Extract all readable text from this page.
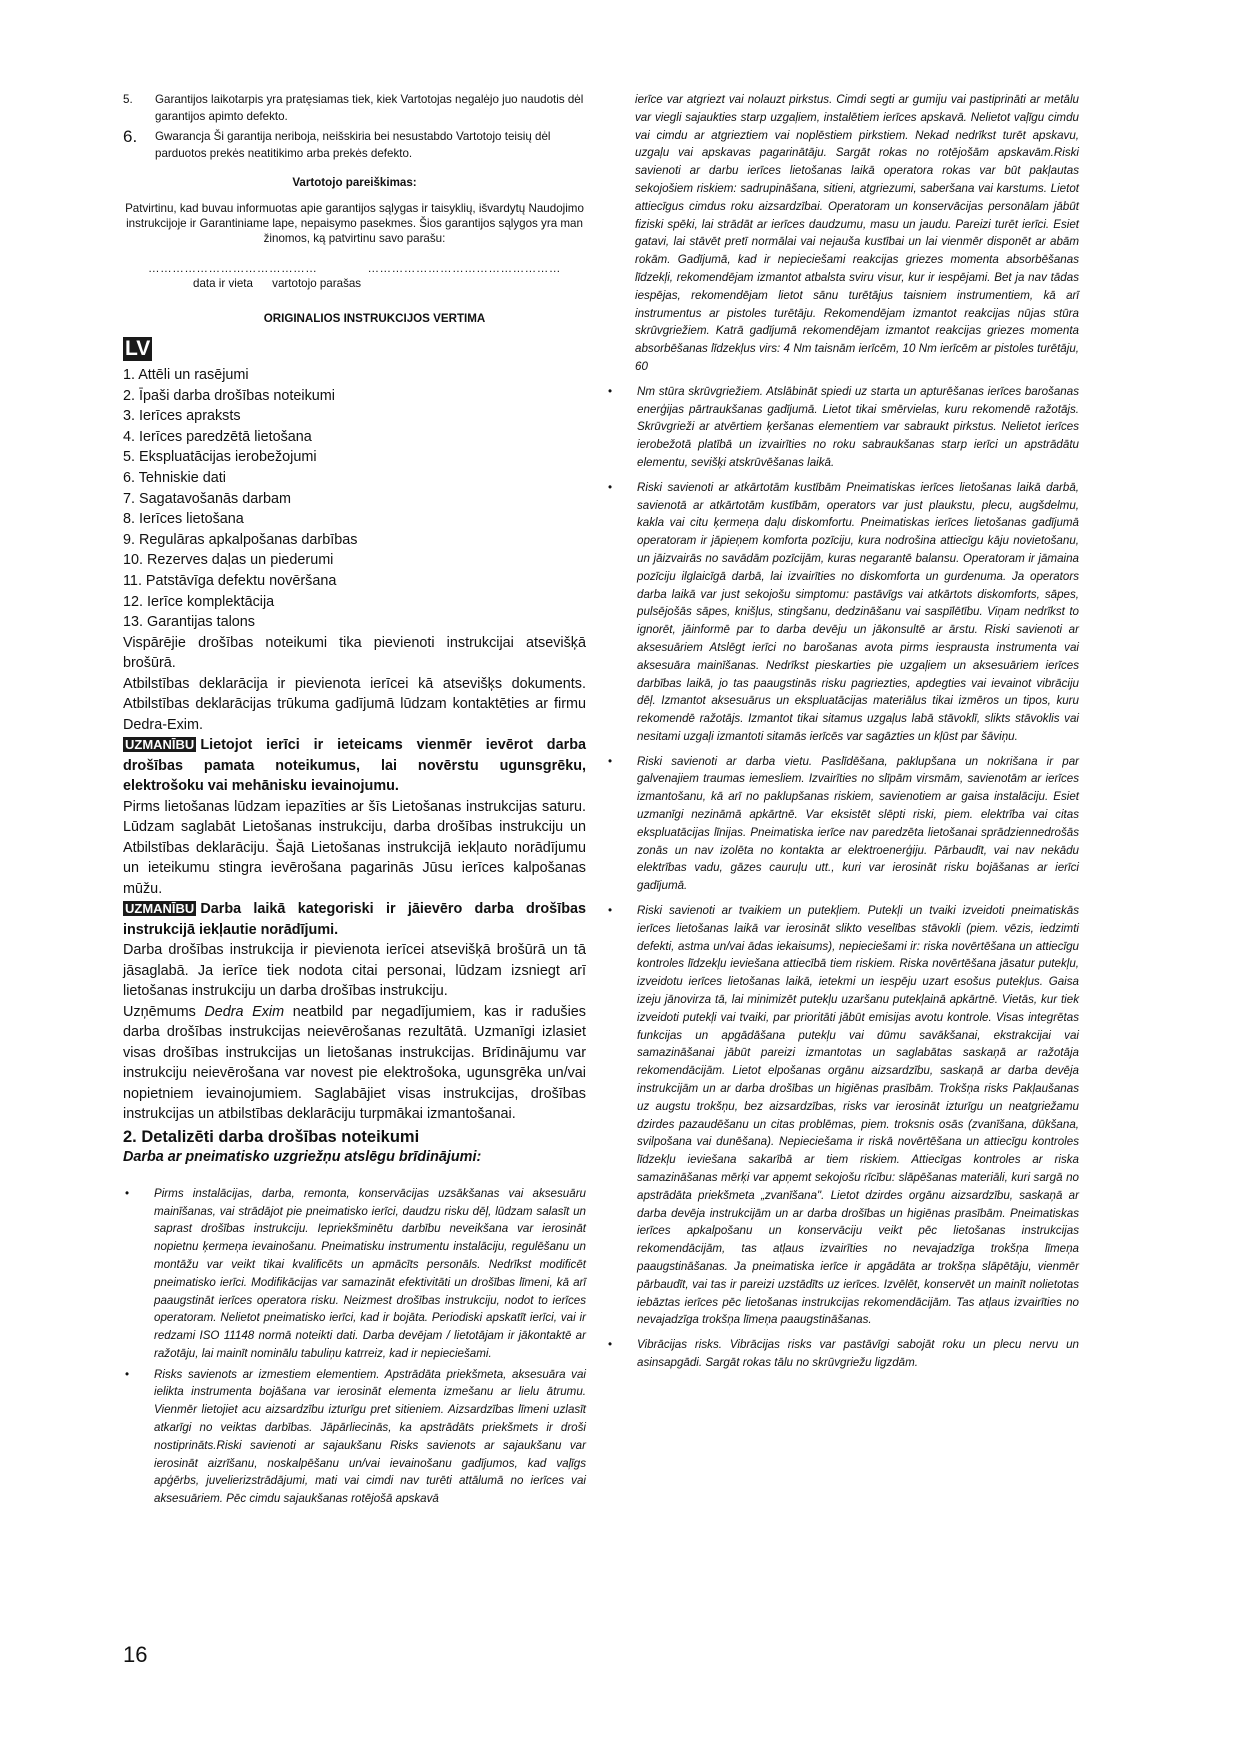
5.	Garantijos laikotarpis yra pratęsiamas tiek, kiek Vartotojas negalėjo juo naudotis dėl garantijos apimto defekto.
6.	Gwarancja Ši garantija neriboja, neišskiria bei nesustabdo Vartotojo teisių dėl parduotos prekės neatitikimo arba prekės defekto.
Vartotojo pareiškimas:
Patvirtinu, kad buvau informuotas apie garantijos sąlygas ir taisyklių, išvardytų Naudojimo instrukcijoje ir Garantiniame lape, nepaisymo pasekmes. Šios garantijos sąlygos yra man žinomos, ką patvirtinu savo parašu:
……………………………………	…………………………………………
data ir vieta vartotojo parašas
ORIGINALIOS INSTRUKCIJOS VERTIMA
LV
1. Attēli un rasējumi
2. Īpaši darba drošības noteikumi
3. Ierīces apraksts
4. Ierīces paredzētā lietošana
5. Ekspluatācijas ierobežojumi
6. Tehniskie dati
7. Sagatavošanās darbam
8. Ierīces lietošana
9. Regulāras apkalpošanas darbības
10. Rezerves daļas un piederumi
11. Patstāvīga defektu novēršana
12. Ierīce komplektācija
13. Garantijas talons
Vispārējie drošības noteikumi tika pievienoti instrukcijai atsevišķā brošūrā.
Atbilstības deklarācija ir pievienota ierīcei kā atsevišķs dokuments. Atbilstības deklarācijas trūkuma gadījumā lūdzam kontaktēties ar firmu Dedra-Exim.
UZMANĪBU Lietojot ierīci ir ieteicams vienmēr ievērot darba drošības pamata noteikumus, lai novērstu ugunsgrēku, elektrošoku vai mehānisku ievainojumu.
Pirms lietošanas lūdzam iepazīties ar šīs Lietošanas instrukcijas saturu. Lūdzam saglabāt Lietošanas instrukciju, darba drošības instrukciju un Atbilstības deklarāciju. Šajā Lietošanas instrukcijā iekļauto norādījumu un ieteikumu stingra ievērošana pagarinās Jūsu ierīces kalpošanas mūžu.
UZMANĪBU Darba laikā kategoriski ir jāievēro darba drošības instrukcijā iekļautie norādījumi.
Darba drošības instrukcija ir pievienota ierīcei atsevišķā brošūrā un tā jāsaglabā. Ja ierīce tiek nodota citai personai, lūdzam izsniegt arī lietošanas instrukciju un darba drošības instrukciju.
Uzņēmums Dedra Exim neatbild par negadījumiem, kas ir radušies darba drošības instrukcijas neievērošanas rezultātā. Uzmanīgi izlasiet visas drošības instrukcijas un lietošanas instrukcijas. Brīdinājumu var instrukciju neievērošana var novest pie elektrošoka, ugunsgrēka un/vai nopietniem ievainojumiem. Saglabājiet visas instrukcijas, drošības instrukcijas un atbilstības deklarāciju turpmākai izmantošanai.
2. Detalizēti darba drošības noteikumi
Darba ar pneimatisko uzgriežņu atslēgu brīdinājumi:
•	Pirms instalācijas, darba, remonta, konservācijas uzsākšanas vai aksesuāru mainīšanas, vai strādājot pie pneimatisko ierīci, daudzu risku dēļ, lūdzam salasīt un saprast drošības instrukciju. Iepriekšminētu darbību neveikšana var ierosināt nopietnu ķermeņa ievainošanu. Pneimatisku instrumentu instalāciju, regulēšanu un montāžu var veikt tikai kvalificēts un apmācīts personāls. Nedrīkst modificēt pneimatisko ierīci. Modifikācijas var samazināt efektivitāti un drošības līmeni, kā arī paaugstināt ierīces operatora risku. Neizmest drošības instrukciju, nodot to ierīces operatoram. Nelietot pneimatisko ierīci, kad ir bojāta. Periodiski apskatīt ierīci, vai ir redzami ISO 11148 normā noteikti dati. Darba devējam / lietotājam ir jākontaktē ar ražotāju, lai mainīt nominālu tabuliņu katrreiz, kad ir nepieciešami.
•	Risks savienots ar izmestiem elementiem. Apstrādāta priekšmeta, aksesuāra vai ielikta instrumenta bojāšana var ierosināt elementa izmešanu ar lielu ātrumu. Vienmēr lietojiet acu aizsardzību izturīgu pret sitieniem. Aizsardzības līmeni uzlasīt atkarīgi no veiktas darbības. Jāpārliecinās, ka apstrādāts priekšmets ir droši nostiprināts.Riski savienoti ar sajaukšanu Risks savienots ar sajaukšanu var ierosināt aizrīšanu, noskalpēšanu un/vai ievainošanu gadījumos, kad vaļīgs apģērbs, juvelierizstrādājumi, mati vai cimdi nav turēti attālumā no ierīces vai aksesuāriem. Pēc cimdu sajaukšanas rotējošā apskavā
ierīce var atgriezt vai nolauzt pirkstus. Cimdi segti ar gumiju vai pastiprināti ar metālu var viegli sajaukties starp uzgaļiem, instalētiem ierīces apskavā. Nelietot vaļīgu cimdu vai cimdu ar atgrieztiem vai noplēstiem pirkstiem. Nekad nedrīkst turēt apskavu, uzgaļu vai apskavas pagarinātāju. Sargāt rokas no rotējošām apskavām.Riski savienoti ar darbu ierīces lietošanas laikā operatora rokas var būt pakļautas sekojošiem riskiem: sadrupināšana, sitieni, atgriezumi, saberšana vai karstums. Lietot attiecīgus cimdus roku aizsardzībai. Operatoram un konservācijas personālam jābūt fiziski spēki, lai strādāt ar ierīces daudzumu, masu un jaudu. Pareizi turēt ierīci. Esiet gatavi, lai stāvēt pretī normālai vai nejauša kustībai un lai vienmēr disponēt ar abām rokām. Gadījumā, kad ir nepieciešami reakcijas griezes momenta absorbēšanas līdzekļi, rekomendējam izmantot atbalsta sviru visur, kur ir iespējami. Bet ja nav tādas iespējas, rekomendējam lietot sānu turētājus taisniem instrumentiem, kā arī instrumentus ar pistoles turētāju. Rekomendējam izmantot reakcijas nūjas stūra skrūvgriežiem. Katrā gadījumā rekomendējam izmantot reakcijas griezes momenta absorbēšanas līdzekļus virs: 4 Nm taisnām ierīcēm, 10 Nm ierīcēm ar pistoles turētāju, 60
•	Nm stūra skrūvgriežiem. Atslābināt spiedi uz starta un apturēšanas ierīces barošanas enerģijas pārtraukšanas gadījumā. Lietot tikai smērvielas, kuru rekomendē ražotājs. Skrūvgrieži ar atvērtiem ķeršanas elementiem var sabraukt pirkstus. Nelietot ierīces ierobežotā platībā un izvairīties no roku sabraukšanas starp ierīci un apstrādātu elementu, sevišķi atskrūvēšanas laikā.
•	Riski savienoti ar atkārtotām kustībām Pneimatiskas ierīces lietošanas laikā darbā, savienotā ar atkārtotām kustībām, operators var just plaukstu, plecu, augšdelmu, kakla vai citu ķermeņa daļu diskomfortu. Pneimatiskas ierīces lietošanas gadījumā operatoram ir jāpieņem komforta pozīciju, kura nodrošina attiecīgu kāju novietošanu, un jāizvairās no savādām pozīcijām, kuras negarantē balansu. Operatoram ir jāmaina pozīciju ilglaicīgā darbā, lai izvairīties no diskomforta un gurdenuma. Ja operators darba laikā var just sekojošu simptomu: pastāvīgs vai atkārtots diskomforts, sāpes, pulsējošās sāpes, knišļus, stingšanu, dedzināšanu vai saspīlētību. Viņam nedrīkst to ignorēt, jāinformē par to darba devēju un jākonsultē ar ārstu. Riski savienoti ar aksesuāriem Atslēgt ierīci no barošanas avota pirms iesprausta instrumenta vai aksesuāra mainīšanas. Nedrīkst pieskarties pie uzgaļiem un aksesuāriem ierīces darbības laikā, jo tas paaugstinās risku pagriezties, apdegties vai ievainot vibrāciju dēļ. Izmantot aksesuārus un ekspluatācijas materiālus tikai izmēros un tipos, kuru rekomendē ražotājs. Izmantot tikai sitamus uzgaļus labā stāvoklī, slikts stāvoklis vai nesitami uzgaļi izmantoti sitamās ierīcēs var sagāzties un kļūst par šāviņu.
•	Riski savienoti ar darba vietu. Paslīdēšana, paklupšana un nokrišana ir par galvenajiem traumas iemesliem. Izvairīties no slīpām virsmām, savienotām ar ierīces izmantošanu, kā arī no paklupšanas riskiem, savienotiem ar gaisa instalāciju. Esiet uzmanīgi nezināmā apkārtnē. Var eksistēt slēpti riski, piem. elektrība vai citas ekspluatācijas līnijas. Pneimatiska ierīce nav paredzēta lietošanai sprādziennedrošās zonās un nav izolēta no kontakta ar elektroenerģiju. Pārbaudīt, vai nav nekādu elektrības vadu, gāzes cauruļu utt., kuri var ierosināt risku bojāšanas ar ierīci gadījumā.
•	Riski savienoti ar tvaikiem un putekļiem. Putekļi un tvaiki izveidoti pneimatiskās ierīces lietošanas laikā var ierosināt slikto veselības stāvokli (piem. vēzis, iedzimti defekti, astma un/vai ādas iekaisums), nepieciešami ir: riska novērtēšana un attiecīgu kontroles līdzekļu ieviešana attiecībā tiem riskiem. Riska novērtēšana jāsatur putekļu, izveidotu ierīces lietošanas laikā, ietekmi un iespēju uzart esošus putekļus. Gaisa izeju jānovirza tā, lai minimizēt putekļu uzaršanu putekļainā apkārtnē. Vietās, kur tiek izveidoti putekļi vai tvaiki, par prioritāti jābūt emisijas avotu kontrole. Visas integrētas funkcijas un apgādāšana putekļu vai dūmu savākšanai, ekstrakcijai vai samazināšanai jābūt pareizi izmantotas un saglabātas saskaņā ar ražotāja rekomendācijām. Lietot elpošanas orgānu aizsardzību, saskaņā ar darba devēja instrukcijām un ar darba drošības un higiēnas prasībām. Trokšņa risks Pakļaušanas uz augstu trokšņu, bez aizsardzības, risks var ierosināt izturīgu un neatgriežamu dzirdes pazaudēšanu un citas problēmas, piem. troksnis osās (zvanīšana, dūkšana, svilpošana vai dunēšana). Nepieciešama ir riskā novērtēšana un attiecīgu kontroles līdzekļu ieviešana sakarībā ar tiem riskiem. Attiecīgas kontroles ar riska samazināšanas mērķi var apņemt sekojošu rīcību: slāpēšanas materiāli, kuri sargā no apstrādāta priekšmeta „zvanīšana". Lietot dzirdes orgānu aizsardzību, saskaņā ar darba devēja instrukcijām un ar darba drošības un higiēnas prasībām. Pneimatiskas ierīces apkalpošanu un konservāciju veikt pēc lietošanas instrukcijas rekomendācijām, tas atļaus izvairīties no nevajadzīga trokšņa līmeņa paaugstināšanas. Ja pneimatiska ierīce ir apgādāta ar trokšņa slāpētāju, vienmēr pārbaudīt, vai tas ir pareizi uzstādīts uz ierīces. Izvēlēt, konservēt un mainīt nolietotas iebāztas ierīces pēc lietošanas instrukcijas rekomendācijām. Tas atļaus izvairīties no nevajadzīga trokšņa līmeņa paaugstināšanas.
•	Vibrācijas risks. Vibrācijas risks var pastāvīgi sabojāt roku un plecu nervu un asinsapgādi. Sargāt rokas tālu no skrūvgriežu ligzdām.
16
